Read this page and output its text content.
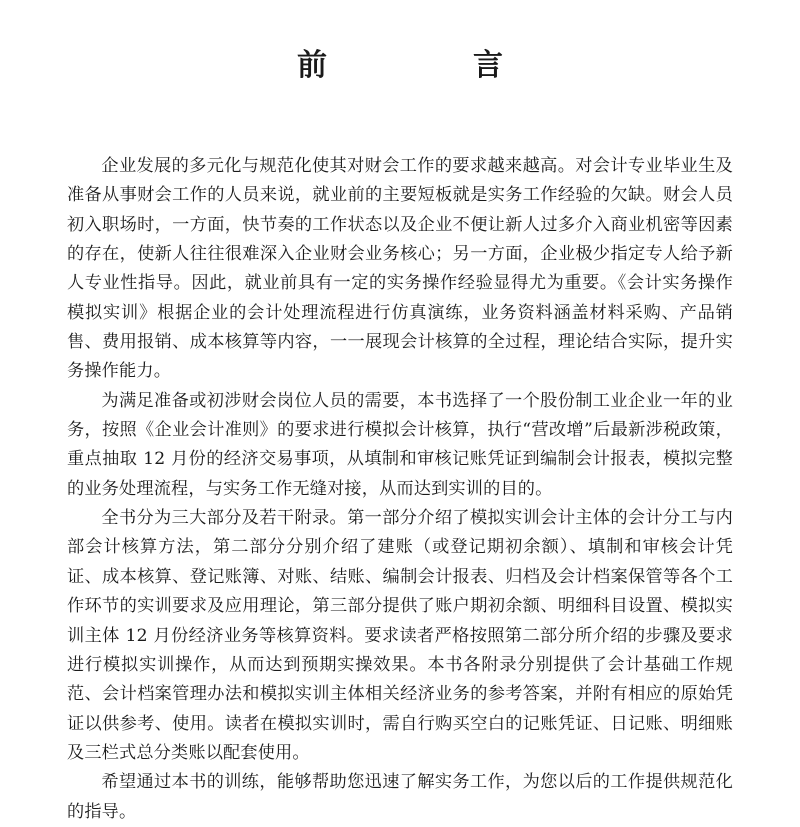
前　言

企业发展的多元化与规范化使其对财会工作的要求越来越高。对会计专业毕业生及准备从事财会工作的人员来说，就业前的主要短板就是实务工作经验的欠缺。财会人员初入职场时，一方面，快节奏的工作状态以及企业不便让新人过多介入商业机密等因素的存在，使新人往往很难深入企业财会业务核心；另一方面，企业极少指定专人给予新人专业性指导。因此，就业前具有一定的实务操作经验显得尤为重要。《会计实务操作模拟实训》根据企业的会计处理流程进行仿真演练，业务资料涵盖材料采购、产品销售、费用报销、成本核算等内容，一一展现会计核算的全过程，理论结合实际，提升实务操作能力。

为满足准备或初涉财会岗位人员的需要，本书选择了一个股份制工业企业一年的业务，按照《企业会计准则》的要求进行模拟会计核算，执行“营改增”后最新涉税政策，重点抽取 12 月份的经济交易事项，从填制和审核记账凭证到编制会计报表，模拟完整的业务处理流程，与实务工作无缝对接，从而达到实训的目的。

全书分为三大部分及若干附录。第一部分介绍了模拟实训会计主体的会计分工与内部会计核算方法，第二部分分别介绍了建账（或登记期初余额）、填制和审核会计凭证、成本核算、登记账簿、对账、结账、编制会计报表、归档及会计档案保管等各个工作环节的实训要求及应用理论，第三部分提供了账户期初余额、明细科目设置、模拟实训主体 12 月份经济业务等核算资料。要求读者严格按照第二部分所介绍的步骤及要求进行模拟实训操作，从而达到预期实操效果。本书各附录分别提供了会计基础工作规范、会计档案管理办法和模拟实训主体相关经济业务的参考答案，并附有相应的原始凭证以供参考、使用。读者在模拟实训时，需自行购买空白的记账凭证、日记账、明细账及三栏式总分类账以配套使用。

希望通过本书的训练，能够帮助您迅速了解实务工作，为您以后的工作提供规范化的指导。
